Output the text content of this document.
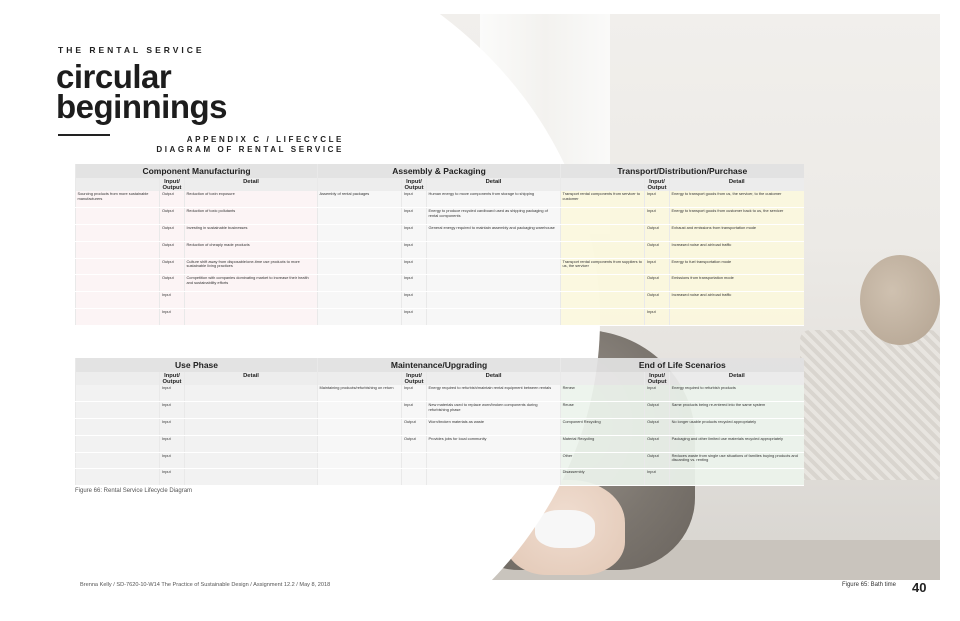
THE RENTAL SERVICE
circular
beginnings
APPENDIX C / LIFECYCLE DIAGRAM OF RENTAL SERVICE
Component Manufacturing			Assembly & Packaging			Transport/Distribution/Purchase		
	Input/ Output	Detail		Input/ Output	Detail		Input/ Output	Detail
Sourcing products from more sustainable manufacturers	Output	Reduction of toxin exposure	Assembly of rental packages	Input	Human energy to move components from storage to shipping	Transport rental components from servicer to customer	Input	Energy to transport goods from us, the servicer, to the customer
	Output	Reduction of toxic pollutants		Input	Energy to produce recycled cardboard used as shipping packaging of rental components		Input	Energy to transport goods from customer back to us, the servicer
	Output	Investing in sustainable businesses		Input	General energy required to maintain assembly and packaging warehouse		Output	Exhaust and emissions from transportation mode
	Output	Reduction of cheaply made products		Input			Output	Increased noise and air/road traffic
	Output	Culture shift away from disposable/one-time use products to more sustainable living practices		Input		Transport rental components from suppliers to us, the servicer	Input	Energy to fuel transportation mode
	Output	Competition with companies dominating market to increase their health and sustainability efforts		Input			Output	Emissions from transportation mode
	Input			Input			Output	Increased noise and air/road traffic
	Input			Input			Input	
Use Phase			Maintenance/Upgrading			End of Life Scenarios		
	Input/ Output	Detail		Input/ Output	Detail		Input/ Output	Detail
	Input		Maintaining products/refurbishing on return	Input	Energy required to refurbish/maintain rental equipment between rentals	Renew	Input	Energy required to refurbish products
	Input			Input	New materials used to replace worn/broken components during refurbishing phase	Reuse	Output	Same products being re-entered into the same system
	Input			Output	Worn/broken materials as waste	Component Recycling	Output	No longer usable products recycled appropriately
	Input			Output	Provides jobs for local community	Material Recycling	Output	Packaging and other limited use materials recycled appropriately
	Input					Other	Output	Reduces waste from single use situations of families buying products and discarding vs. renting
	Input					Disassembly	Input	
Figure 66: Rental Service Lifecycle Diagram
Brenna Kelly / SD-7620-10-W14 The Practice of Sustainable Design / Assignment 12.2 / May 8, 2018	Figure 65: Bath time 40
